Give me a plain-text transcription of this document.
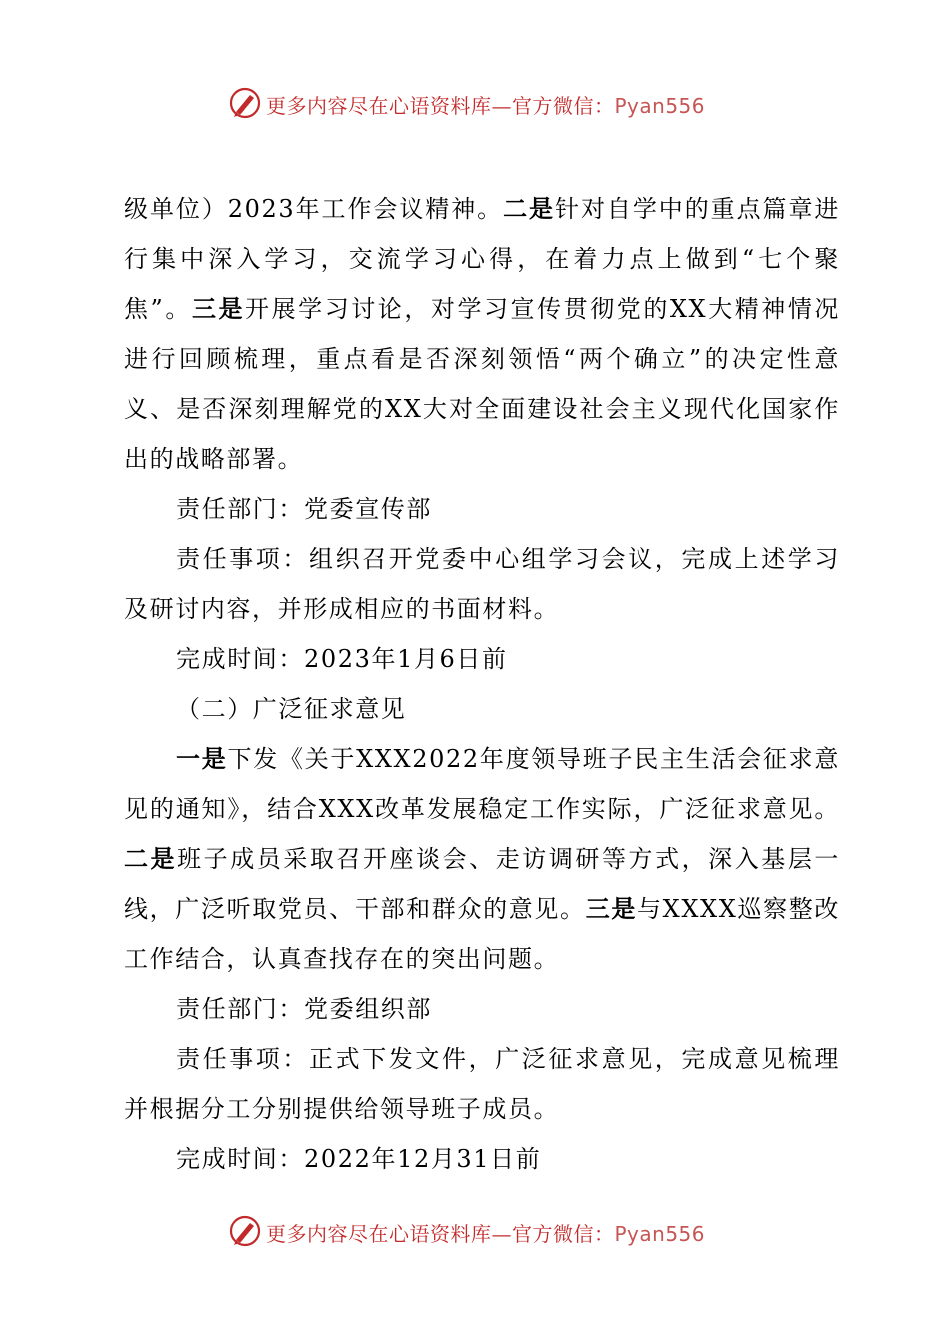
更多内容尽在心语资料库—官方微信：Pyan556

级单位）2023年工作会议精神。二是针对自学中的重点篇章进行集中深入学习，交流学习心得，在着力点上做到“七个聚焦”。三是开展学习讨论，对学习宣传贯彻党的XX大精神情况进行回顾梳理，重点看是否深刻领悟“两个确立”的决定性意义、是否深刻理解党的XX大对全面建设社会主义现代化国家作出的战略部署。

责任部门：党委宣传部

责任事项：组织召开党委中心组学习会议，完成上述学习及研讨内容，并形成相应的书面材料。

完成时间：2023年1月6日前

（二）广泛征求意见

一是下发《关于XXX2022年度领导班子民主生活会征求意见的通知》，结合XXX改革发展稳定工作实际，广泛征求意见。二是班子成员采取召开座谈会、走访调研等方式，深入基层一线，广泛听取党员、干部和群众的意见。三是与XXXX巡察整改工作结合，认真查找存在的突出问题。

责任部门：党委组织部

责任事项：正式下发文件，广泛征求意见，完成意见梳理并根据分工分别提供给领导班子成员。

完成时间：2022年12月31日前

更多内容尽在心语资料库—官方微信：Pyan556
